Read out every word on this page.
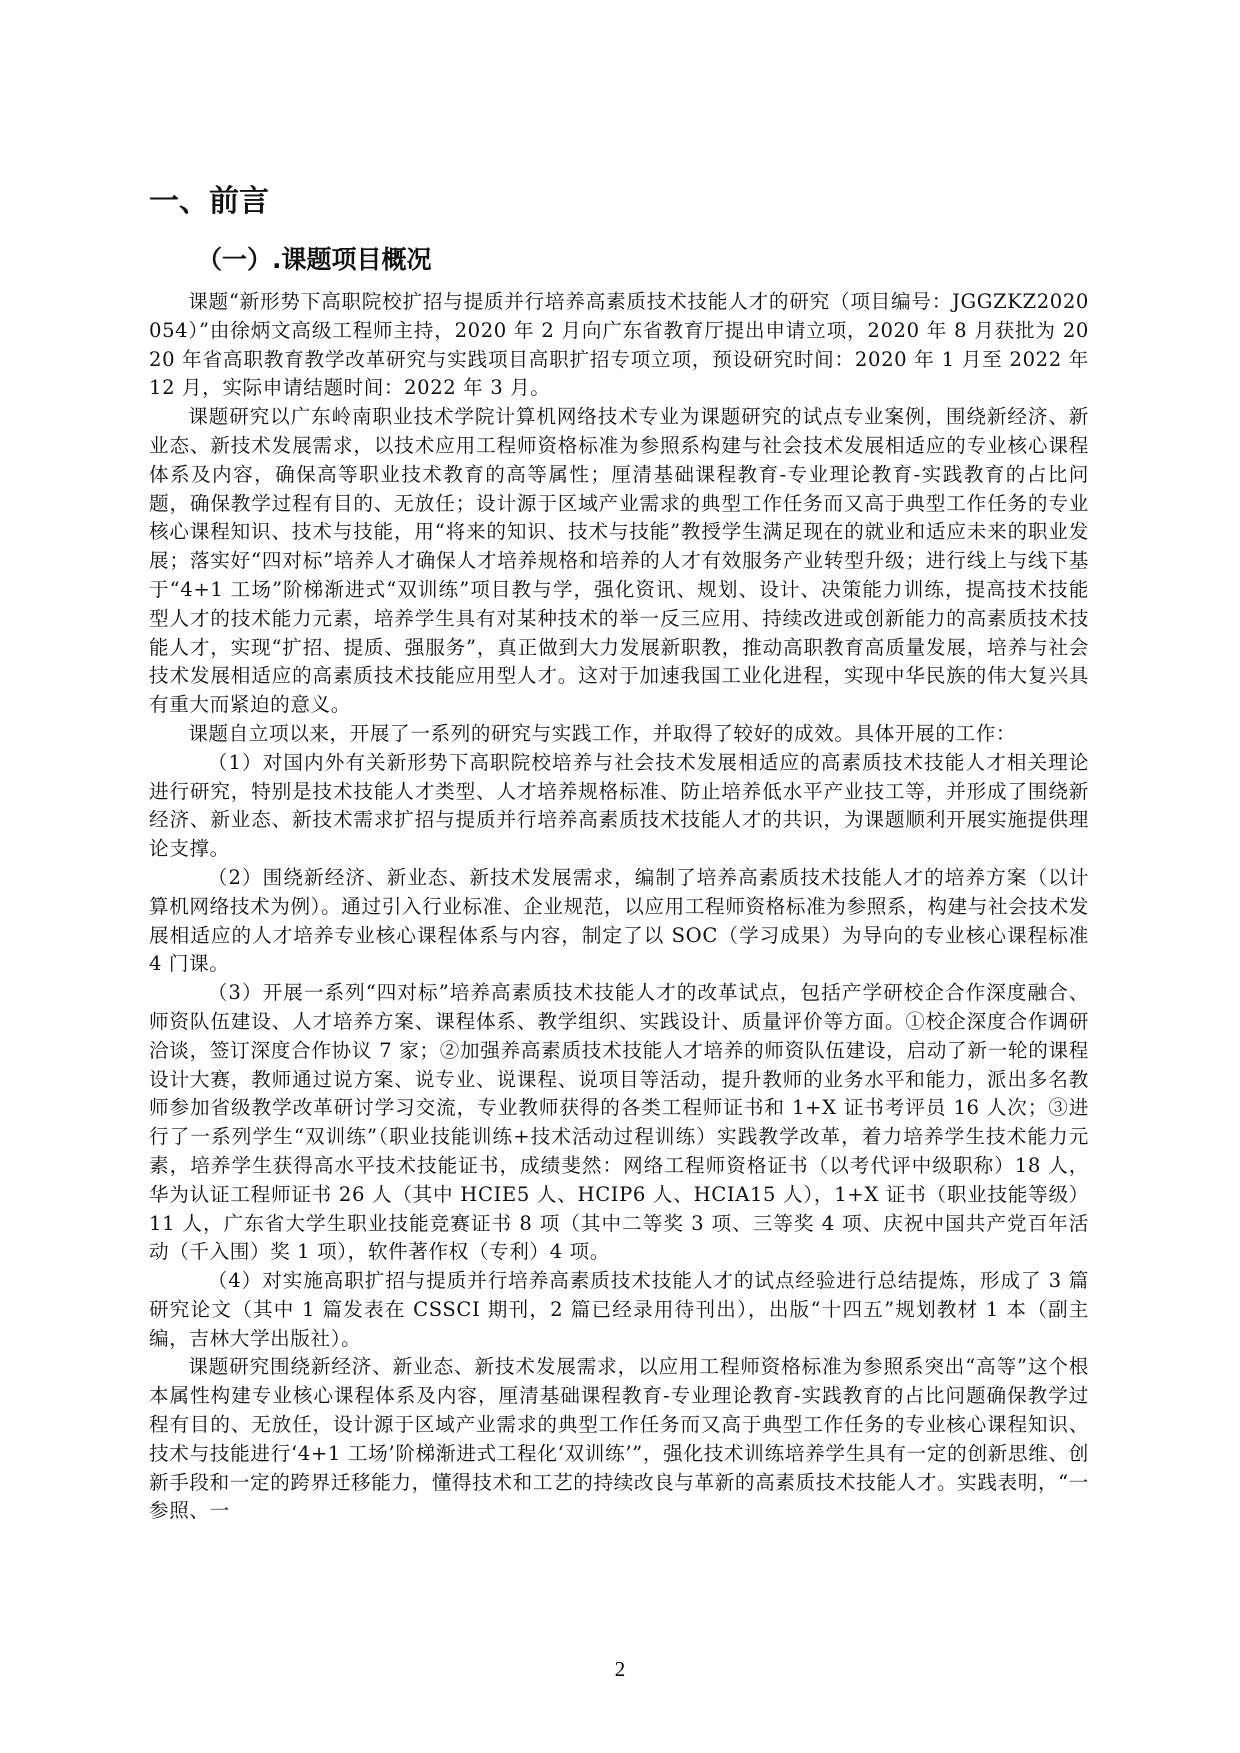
一、前言
（一）.课题项目概况

课题“新形势下高职院校扩招与提质并行培养高素质技术技能人才的研究（项目编号：JGGZKZ2020054）”由徐炳文高级工程师主持，2020 年 2 月向广东省教育厅提出申请立项，2020 年 8 月获批为 2020 年省高职教育教学改革研究与实践项目高职扩招专项立项，预设研究时间：2020 年 1 月至 2022 年 12 月，实际申请结题时间：2022 年 3 月。

课题研究以广东岭南职业技术学院计算机网络技术专业为课题研究的试点专业案例，围绕新经济、新业态、新技术发展需求，以技术应用工程师资格标准为参照系构建与社会技术发展相适应的专业核心课程体系及内容，确保高等职业技术教育的高等属性；厘清基础课程教育-专业理论教育-实践教育的占比问题，确保教学过程有目的、无放任；设计源于区域产业需求的典型工作任务而又高于典型工作任务的专业核心课程知识、技术与技能，用“将来的知识、技术与技能”教授学生满足现在的就业和适应未来的职业发展；落实好“四对标”培养人才确保人才培养规格和培养的人才有效服务产业转型升级；进行线上与线下基于“4+1 工场”阶梯渐进式“双训练”项目教与学，强化资讯、规划、设计、决策能力训练，提高技术技能型人才的技术能力元素，培养学生具有对某种技术的举一反三应用、持续改进或创新能力的高素质技术技能人才，实现“扩招、提质、强服务”，真正做到大力发展新职教，推动高职教育高质量发展，培养与社会技术发展相适应的高素质技术技能应用型人才。这对于加速我国工业化进程，实现中华民族的伟大复兴具有重大而紧迫的意义。

课题自立项以来，开展了一系列的研究与实践工作，并取得了较好的成效。具体开展的工作：

（1）对国内外有关新形势下高职院校培养与社会技术发展相适应的高素质技术技能人才相关理论进行研究，特别是技术技能人才类型、人才培养规格标准、防止培养低水平产业技工等，并形成了围绕新经济、新业态、新技术需求扩招与提质并行培养高素质技术技能人才的共识，为课题顺利开展实施提供理论支撑。

（2）围绕新经济、新业态、新技术发展需求，编制了培养高素质技术技能人才的培养方案（以计算机网络技术为例）。通过引入行业标准、企业规范，以应用工程师资格标准为参照系，构建与社会技术发展相适应的人才培养专业核心课程体系与内容，制定了以 SOC（学习成果）为导向的专业核心课程标准 4 门课。

（3）开展一系列“四对标”培养高素质技术技能人才的改革试点，包括产学研校企合作深度融合、师资队伍建设、人才培养方案、课程体系、教学组织、实践设计、质量评价等方面。①校企深度合作调研洽谈，签订深度合作协议 7 家；②加强养高素质技术技能人才培养的师资队伍建设，启动了新一轮的课程设计大赛，教师通过说方案、说专业、说课程、说项目等活动，提升教师的业务水平和能力，派出多名教师参加省级教学改革研讨学习交流，专业教师获得的各类工程师证书和 1+X 证书考评员 16 人次；③进行了一系列学生“双训练”（职业技能训练+技术活动过程训练）实践教学改革，着力培养学生技术能力元素，培养学生获得高水平技术技能证书，成绩斐然：网络工程师资格证书（以考代评中级职称）18 人，华为认证工程师证书 26 人（其中 HCIE5 人、HCIP6 人、HCIA15 人），1+X 证书（职业技能等级）11 人，广东省大学生职业技能竞赛证书 8 项（其中二等奖 3 项、三等奖 4 项、庆祝中国共产党百年活动（千入围）奖 1 项），软件著作权（专利）4 项。

（4）对实施高职扩招与提质并行培养高素质技术技能人才的试点经验进行总结提炼，形成了 3 篇研究论文（其中 1 篇发表在 CSSCI 期刊，2 篇已经录用待刊出），出版“十四五”规划教材 1 本（副主编，吉林大学出版社）。

课题研究围绕新经济、新业态、新技术发展需求，以应用工程师资格标准为参照系突出“高等”这个根本属性构建专业核心课程体系及内容，厘清基础课程教育-专业理论教育-实践教育的占比问题确保教学过程有目的、无放任，设计源于区域产业需求的典型工作任务而又高于典型工作任务的专业核心课程知识、技术与技能进行‘4+1 工场’阶梯渐进式工程化‘双训练’”，强化技术训练培养学生具有一定的创新思维、创新手段和一定的跨界迁移能力，懂得技术和工艺的持续改良与革新的高素质技术技能人才。实践表明，“一参照、一

2
